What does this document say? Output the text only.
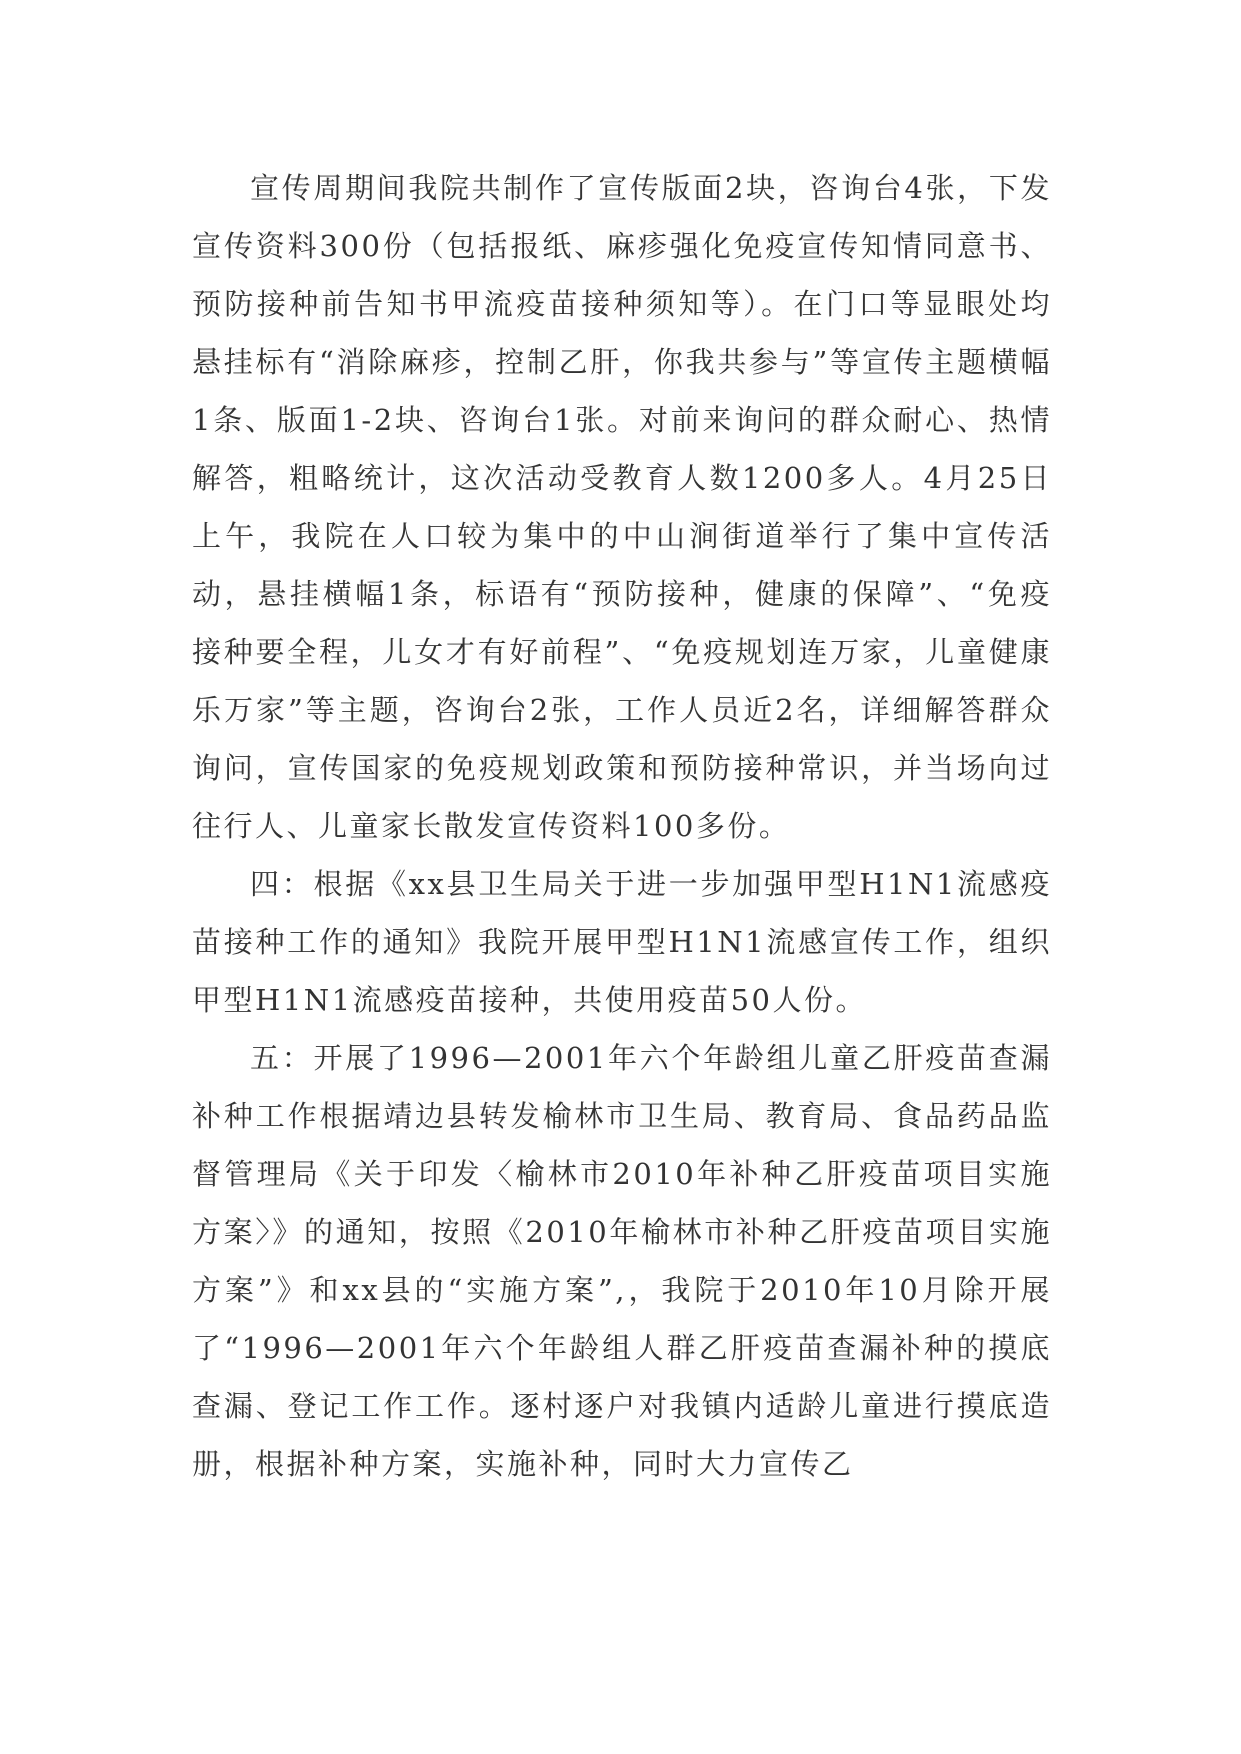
宣传周期间我院共制作了宣传版面2块，咨询台4张，下发宣传资料300份（包括报纸、麻疹强化免疫宣传知情同意书、预防接种前告知书甲流疫苗接种须知等）。在门口等显眼处均悬挂标有“消除麻疹，控制乙肝，你我共参与”等宣传主题横幅1条、版面1-2块、咨询台1张。对前来询问的群众耐心、热情解答，粗略统计，这次活动受教育人数1200多人。4月25日上午，我院在人口较为集中的中山涧街道举行了集中宣传活动，悬挂横幅1条，标语有“预防接种，健康的保障”、“免疫接种要全程，儿女才有好前程”、“免疫规划连万家，儿童健康乐万家”等主题，咨询台2张，工作人员近2名，详细解答群众询问，宣传国家的免疫规划政策和预防接种常识，并当场向过往行人、儿童家长散发宣传资料100多份。

四：根据《xx县卫生局关于进一步加强甲型H1N1流感疫苗接种工作的通知》我院开展甲型H1N1流感宣传工作，组织甲型H1N1流感疫苗接种，共使用疫苗50人份。

五：开展了1996—2001年六个年龄组儿童乙肝疫苗查漏补种工作根据靖边县转发榆林市卫生局、教育局、食品药品监督管理局《关于印发〈榆林市2010年补种乙肝疫苗项目实施方案〉》的通知，按照《2010年榆林市补种乙肝疫苗项目实施方案”》和xx县的“实施方案”,，我院于2010年10月除开展了“1996—2001年六个年龄组人群乙肝疫苗查漏补种的摸底查漏、登记工作工作。逐村逐户对我镇内适龄儿童进行摸底造册，根据补种方案，实施补种，同时大力宣传乙
